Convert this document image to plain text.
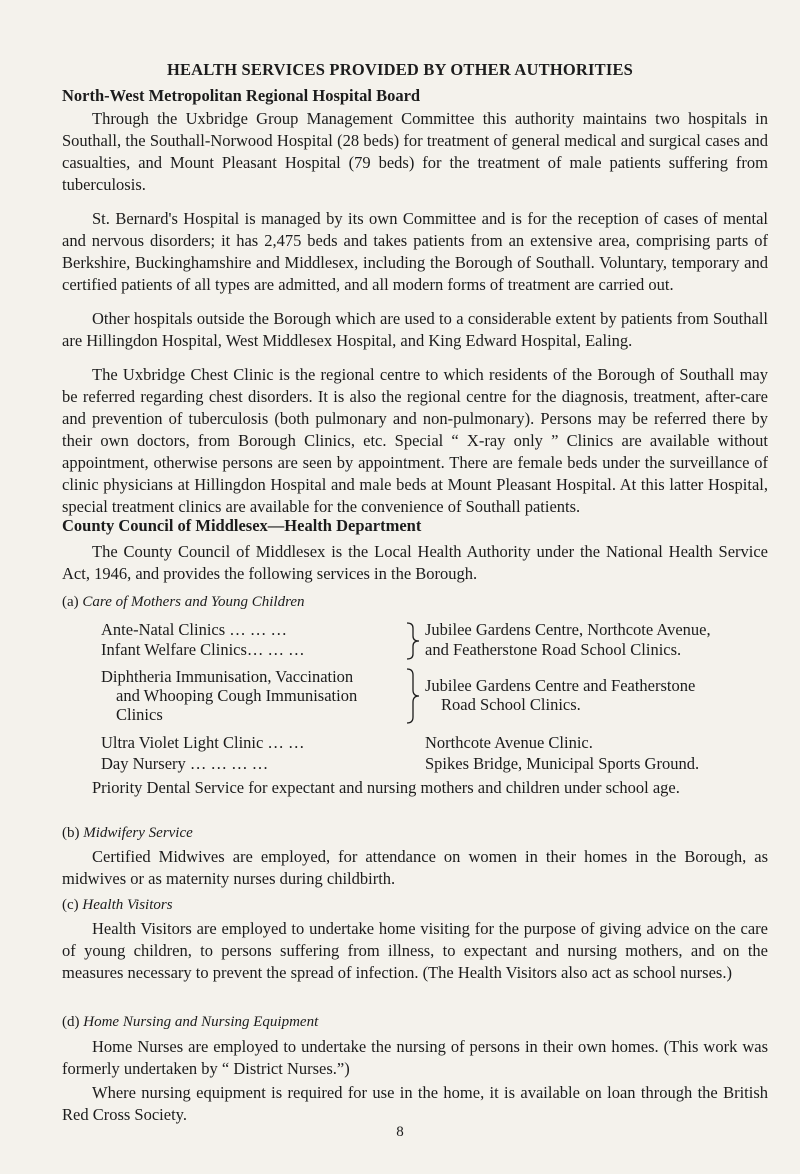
HEALTH SERVICES PROVIDED BY OTHER AUTHORITIES
North-West Metropolitan Regional Hospital Board

Through the Uxbridge Group Management Committee this authority maintains two hospitals in Southall, the Southall-Norwood Hospital (28 beds) for treatment of general medical and surgical cases and casualties, and Mount Pleasant Hospital (79 beds) for the treatment of male patients suffering from tuberculosis.

St. Bernard's Hospital is managed by its own Committee and is for the reception of cases of mental and nervous disorders; it has 2,475 beds and takes patients from an extensive area, comprising parts of Berkshire, Buckinghamshire and Middlesex, including the Borough of Southall. Voluntary, temporary and certified patients of all types are admitted, and all modern forms of treatment are carried out.

Other hospitals outside the Borough which are used to a considerable extent by patients from Southall are Hillingdon Hospital, West Middlesex Hospital, and King Edward Hospital, Ealing.

The Uxbridge Chest Clinic is the regional centre to which residents of the Borough of Southall may be referred regarding chest disorders. It is also the regional centre for the diagnosis, treatment, after-care and prevention of tuberculosis (both pulmonary and non-pulmonary). Persons may be referred there by their own doctors, from Borough Clinics, etc. Special “ X-ray only ” Clinics are available without appointment, otherwise persons are seen by appointment. There are female beds under the surveillance of clinic physicians at Hillingdon Hospital and male beds at Mount Pleasant Hospital. At this latter Hospital, special treatment clinics are available for the convenience of Southall patients.

County Council of Middlesex—Health Department

The County Council of Middlesex is the Local Health Authority under the National Health Service Act, 1946, and provides the following services in the Borough.

(a) Care of Mothers and Young Children
Ante-Natal Clinics … … …
Infant Welfare Clinics… … …
Jubilee Gardens Centre, Northcote Avenue,
and Featherstone Road School Clinics.
Diphtheria Immunisation, Vaccination
and Whooping Cough Immunisation
Clinics
Jubilee Gardens Centre and Featherstone
Road School Clinics.
Ultra Violet Light Clinic … …	Northcote Avenue Clinic.
Day Nursery … … … …	Spikes Bridge, Municipal Sports Ground.

Priority Dental Service for expectant and nursing mothers and children under school age.

(b) Midwifery Service

Certified Midwives are employed, for attendance on women in their homes in the Borough, as midwives or as maternity nurses during childbirth.

(c) Health Visitors

Health Visitors are employed to undertake home visiting for the purpose of giving advice on the care of young children, to persons suffering from illness, to expectant and nursing mothers, and on the measures necessary to prevent the spread of infection. (The Health Visitors also act as school nurses.)

(d) Home Nursing and Nursing Equipment

Home Nurses are employed to undertake the nursing of persons in their own homes. (This work was formerly undertaken by “ District Nurses.”)

Where nursing equipment is required for use in the home, it is available on loan through the British Red Cross Society.

8
